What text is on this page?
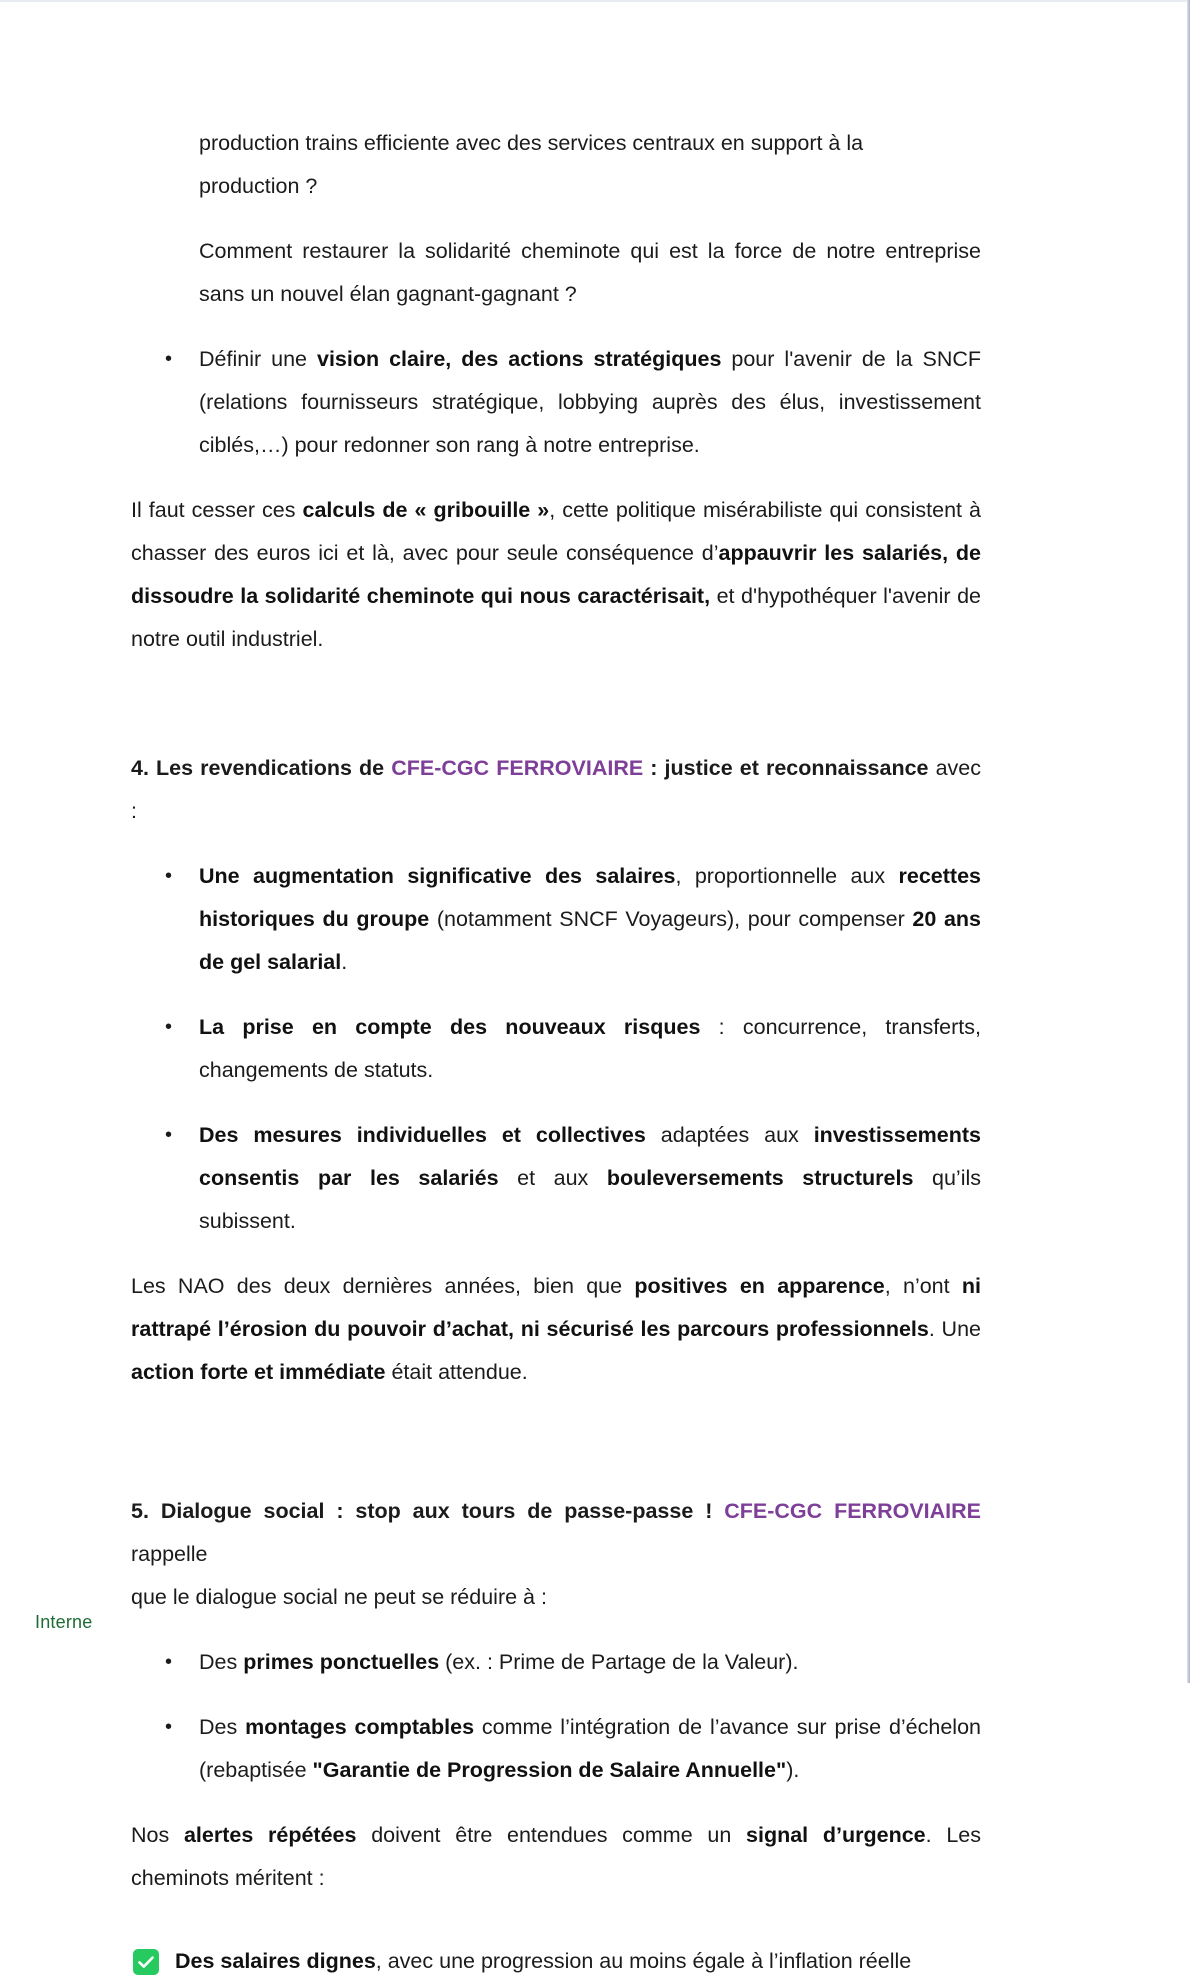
production trains efficiente avec des services centraux en support à la
production ?

Comment restaurer la solidarité cheminote qui est la force de notre entreprise sans un nouvel élan gagnant-gagnant ?

• Définir une vision claire, des actions stratégiques pour l'avenir de la SNCF (relations fournisseurs stratégique, lobbying auprès des élus, investissement ciblés,…) pour redonner son rang à notre entreprise.

Il faut cesser ces calculs de « gribouille », cette politique misérabiliste qui consistent à chasser des euros ici et là, avec pour seule conséquence d’appauvrir les salariés, de dissoudre la solidarité cheminote qui nous caractérisait, et d'hypothéquer l'avenir de notre outil industriel.

4. Les revendications de CFE-CGC FERROVIAIRE : justice et reconnaissance avec :

• Une augmentation significative des salaires, proportionnelle aux recettes historiques du groupe (notamment SNCF Voyageurs), pour compenser 20 ans de gel salarial.
• La prise en compte des nouveaux risques : concurrence, transferts, changements de statuts.
• Des mesures individuelles et collectives adaptées aux investissements consentis par les salariés et aux bouleversements structurels qu’ils subissent.

Les NAO des deux dernières années, bien que positives en apparence, n’ont ni rattrapé l’érosion du pouvoir d’achat, ni sécurisé les parcours professionnels. Une action forte et immédiate était attendue.

5. Dialogue social : stop aux tours de passe-passe ! CFE-CGC FERROVIAIRE rappelle
que le dialogue social ne peut se réduire à :

• Des primes ponctuelles (ex. : Prime de Partage de la Valeur).
• Des montages comptables comme l’intégration de l’avance sur prise d’échelon (rebaptisée "Garantie de Progression de Salaire Annuelle").

Nos alertes répétées doivent être entendues comme un signal d’urgence. Les cheminots méritent :

Des salaires dignes, avec une progression au moins égale à l’inflation réelle
Interne
